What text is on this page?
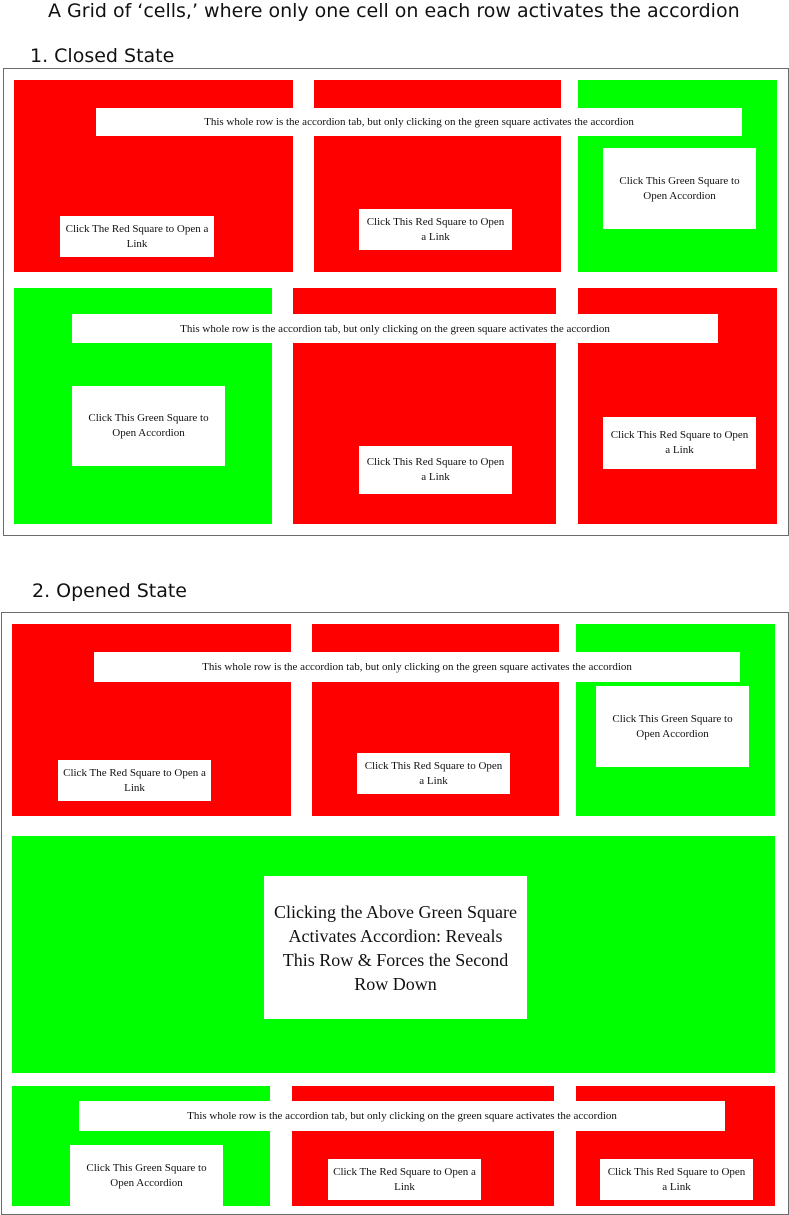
A Grid of ‘cells,’ where only one cell on each row activates the accordion
1. Closed State
This whole row is the accordion tab, but only clicking on the green square activates the accordion
Click The Red Square to Open a Link
Click This Red Square to Open a Link
Click This Green Square to Open Accordion
This whole row is the accordion tab, but only clicking on the green square activates the accordion
Click This Green Square to Open Accordion
Click This Red Square to Open a Link
Click This Red Square to Open a Link
2. Opened State
This whole row is the accordion tab, but only clicking on the green square activates the accordion
Click The Red Square to Open a Link
Click This Red Square to Open a Link
Click This Green Square to Open Accordion
Clicking the Above Green Square Activates Accordion: Reveals This Row & Forces the Second Row Down
This whole row is the accordion tab, but only clicking on the green square activates the accordion
Click This Green Square to Open Accordion
Click The Red Square to Open a Link
Click This Red Square to Open a Link
